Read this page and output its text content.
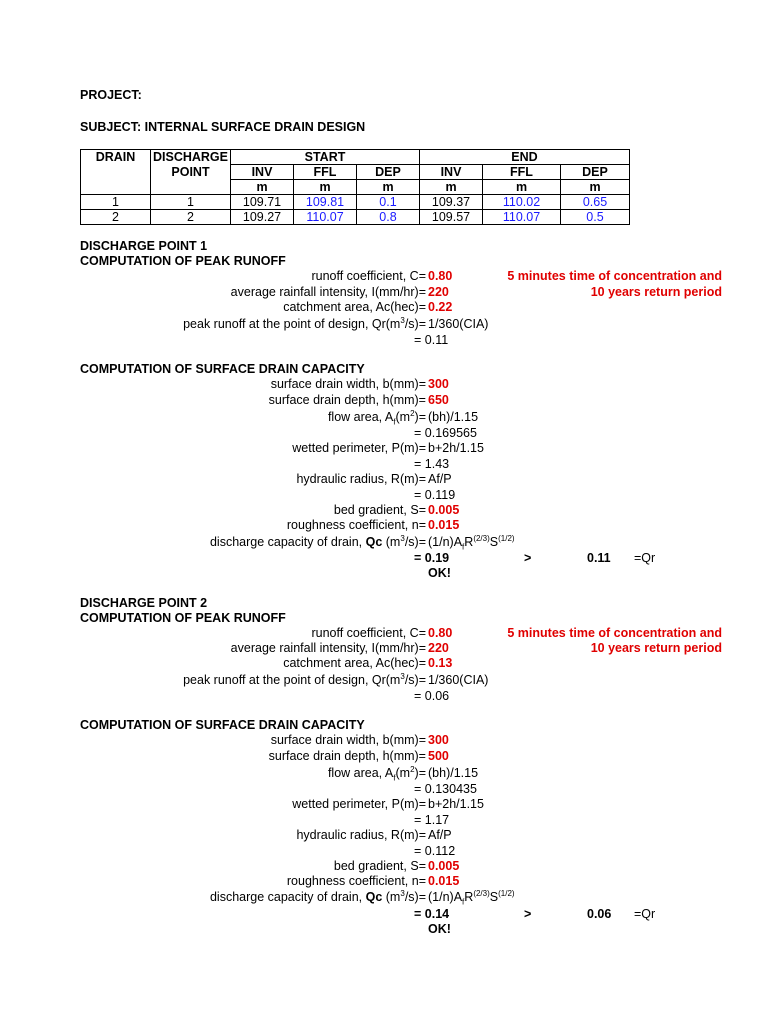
PROJECT:
SUBJECT: INTERNAL SURFACE DRAIN DESIGN
DRAIN	DISCHARGE	START			END		
	POINT	INV	FFL	DEP	INV	FFL	DEP
		m	m	m	m	m	m
1	1	109.71	109.81	0.1	109.37	110.02	0.65
2	2	109.27	110.07	0.8	109.57	110.07	0.5
DISCHARGE POINT 1
COMPUTATION OF PEAK RUNOFF
runoff coefficient, C= 0.80	5 minutes time of concentration and
average rainfall intensity, I(mm/hr)= 220	10 years return period
catchment area, Ac(hec)= 0.22
peak runoff at the point of design, $Qr(m^3/s)= 1/360(CIA)$
= 0.11
COMPUTATION OF SURFACE DRAIN CAPACITY
surface drain width, b(mm)= 300
surface drain depth, h(mm)= 650
flow area, $A_f(m^2)= (bh)/1.15$
= 0.169565
wetted perimeter, P(m)= b+2h/1.15
= 1.43
hydraulic radius, R(m)= Af/P
= 0.119
bed gradient, S= 0.005
roughness coefficient, n= 0.015
discharge capacity of drain, Qc $(m^3/s)= (1/n)A_fR^{(2/3)}S^{(1/2)}$
= 0.19	>	0.11 =Qr
OK!
DISCHARGE POINT 2
COMPUTATION OF PEAK RUNOFF
runoff coefficient, C= 0.80	5 minutes time of concentration and
average rainfall intensity, I(mm/hr)= 220	10 years return period
catchment area, Ac(hec)= 0.13
peak runoff at the point of design, $Qr(m^3/s)= 1/360(CIA)$
= 0.06
COMPUTATION OF SURFACE DRAIN CAPACITY
surface drain width, b(mm)= 300
surface drain depth, h(mm)= 500
flow area, $A_f(m^2)= (bh)/1.15$
= 0.130435
wetted perimeter, P(m)= b+2h/1.15
= 1.17
hydraulic radius, R(m)= Af/P
= 0.112
bed gradient, S= 0.005
roughness coefficient, n= 0.015
discharge capacity of drain, Qc $(m^3/s)= (1/n)A_fR^{(2/3)}S^{(1/2)}$
= 0.14	>	0.06 =Qr
OK!
